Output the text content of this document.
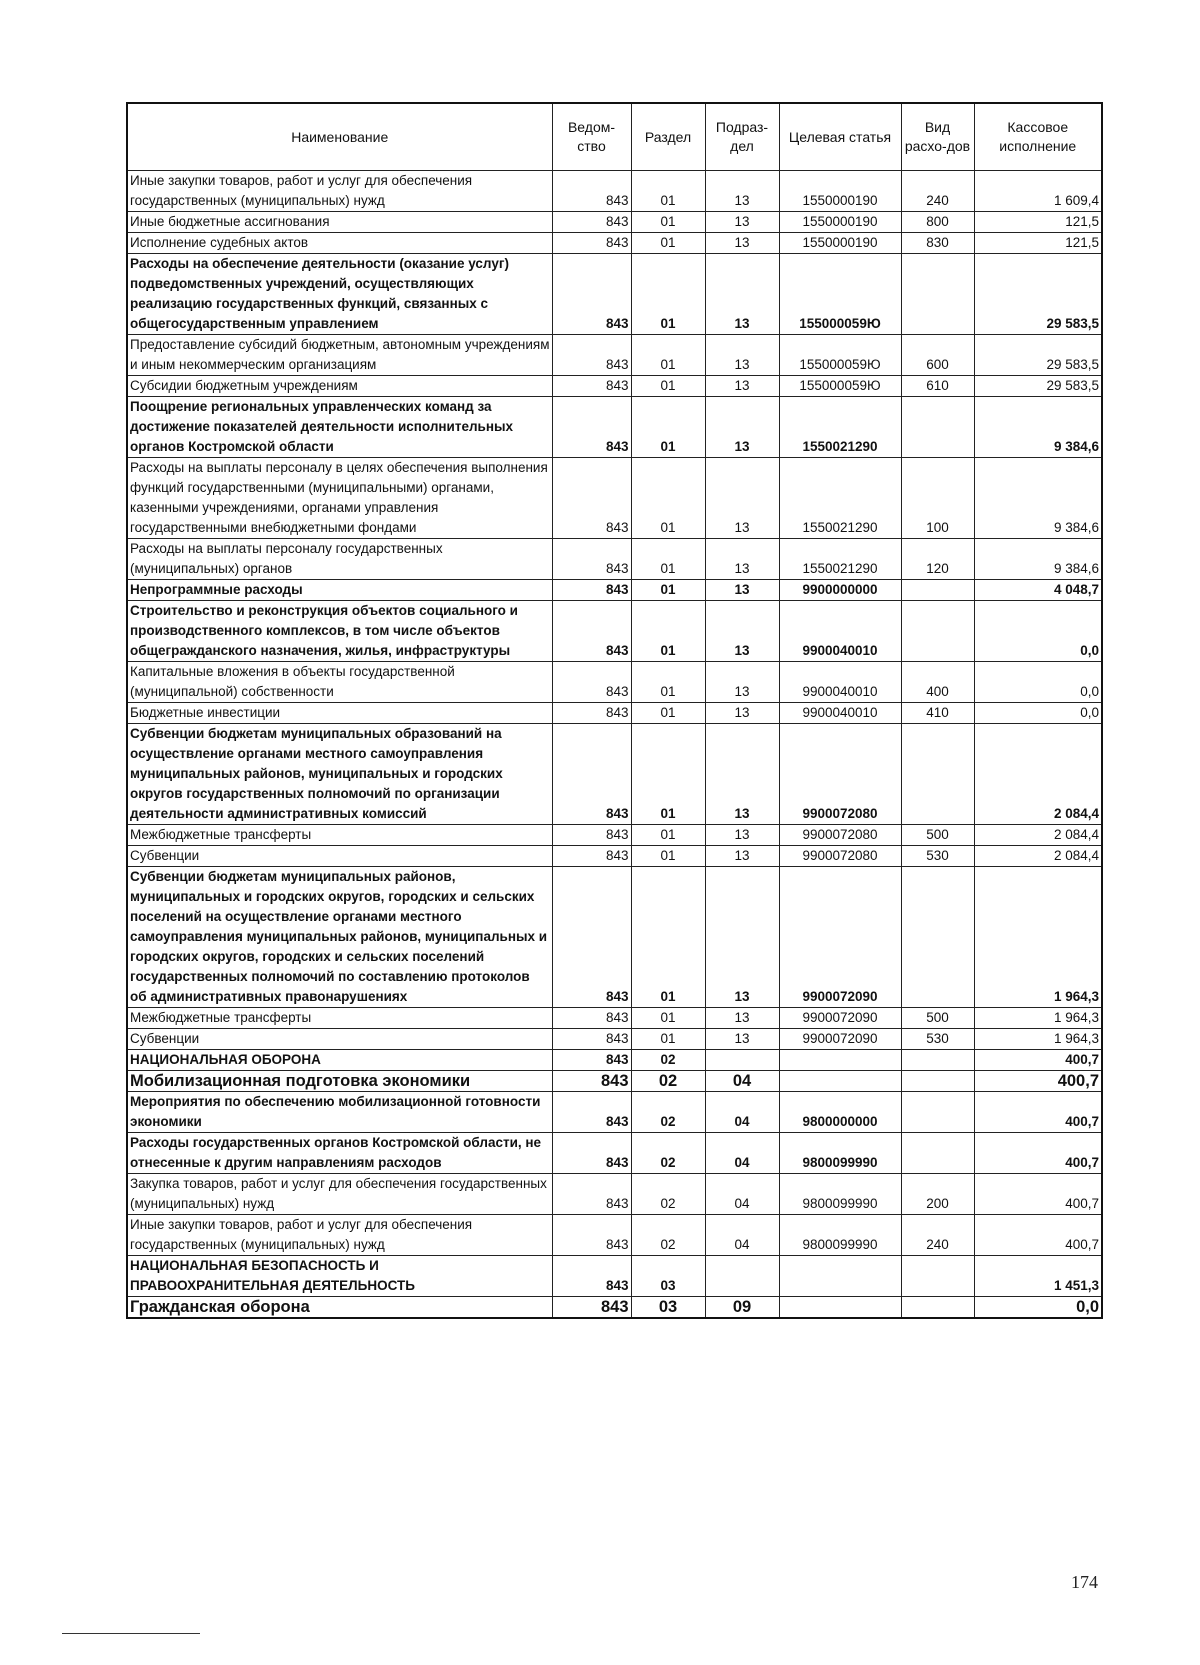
Наименование	Ведом-ство	Раздел	Подраз-дел	Целевая статья	Вид расхо-дов	Кассовое исполнение
Иные закупки товаров, работ и услуг для обеспечения государственных (муниципальных) нужд	843	01	13	1550000190	240	1 609,4
Иные бюджетные ассигнования	843	01	13	1550000190	800	121,5
Исполнение судебных актов	843	01	13	1550000190	830	121,5
Расходы на обеспечение деятельности (оказание услуг) подведомственных учреждений, осуществляющих реализацию государственных функций, связанных с общегосударственным управлением	843	01	13	155000059Ю		29 583,5
Предоставление субсидий бюджетным, автономным учреждениям и иным некоммерческим организациям	843	01	13	155000059Ю	600	29 583,5
Субсидии бюджетным учреждениям	843	01	13	155000059Ю	610	29 583,5
Поощрение региональных управленческих команд за достижение показателей деятельности исполнительных органов Костромской области	843	01	13	1550021290		9 384,6
Расходы на выплаты персоналу в целях обеспечения выполнения функций государственными (муниципальными) органами, казенными учреждениями, органами управления государственными внебюджетными фондами	843	01	13	1550021290	100	9 384,6
Расходы на выплаты персоналу государственных (муниципальных) органов	843	01	13	1550021290	120	9 384,6
Непрограммные расходы	843	01	13	9900000000		4 048,7
Строительство и реконструкция объектов социального и производственного комплексов, в том числе объектов общегражданского назначения, жилья, инфраструктуры	843	01	13	9900040010		0,0
Капитальные вложения в объекты государственной (муниципальной) собственности	843	01	13	9900040010	400	0,0
Бюджетные инвестиции	843	01	13	9900040010	410	0,0
Субвенции бюджетам муниципальных образований на осуществление органами местного самоуправления муниципальных районов, муниципальных и городских округов государственных полномочий по организации деятельности административных комиссий	843	01	13	9900072080		2 084,4
Межбюджетные трансферты	843	01	13	9900072080	500	2 084,4
Субвенции	843	01	13	9900072080	530	2 084,4
Субвенции бюджетам муниципальных районов, муниципальных и городских округов, городских и сельских поселений на осуществление органами местного самоуправления муниципальных районов, муниципальных и городских округов, городских и сельских поселений государственных полномочий по составлению протоколов об административных правонарушениях	843	01	13	9900072090		1 964,3
Межбюджетные трансферты	843	01	13	9900072090	500	1 964,3
Субвенции	843	01	13	9900072090	530	1 964,3
НАЦИОНАЛЬНАЯ ОБОРОНА	843	02				400,7
Мобилизационная подготовка экономики	843	02	04			400,7
Мероприятия по обеспечению мобилизационной готовности экономики	843	02	04	9800000000		400,7
Расходы государственных органов Костромской области, не отнесенные к другим направлениям расходов	843	02	04	9800099990		400,7
Закупка товаров, работ и услуг для обеспечения государственных (муниципальных) нужд	843	02	04	9800099990	200	400,7
Иные закупки товаров, работ и услуг для обеспечения государственных (муниципальных) нужд	843	02	04	9800099990	240	400,7
НАЦИОНАЛЬНАЯ БЕЗОПАСНОСТЬ И ПРАВООХРАНИТЕЛЬНАЯ ДЕЯТЕЛЬНОСТЬ	843	03				1 451,3
Гражданская оборона	843	03	09			0,0
174
